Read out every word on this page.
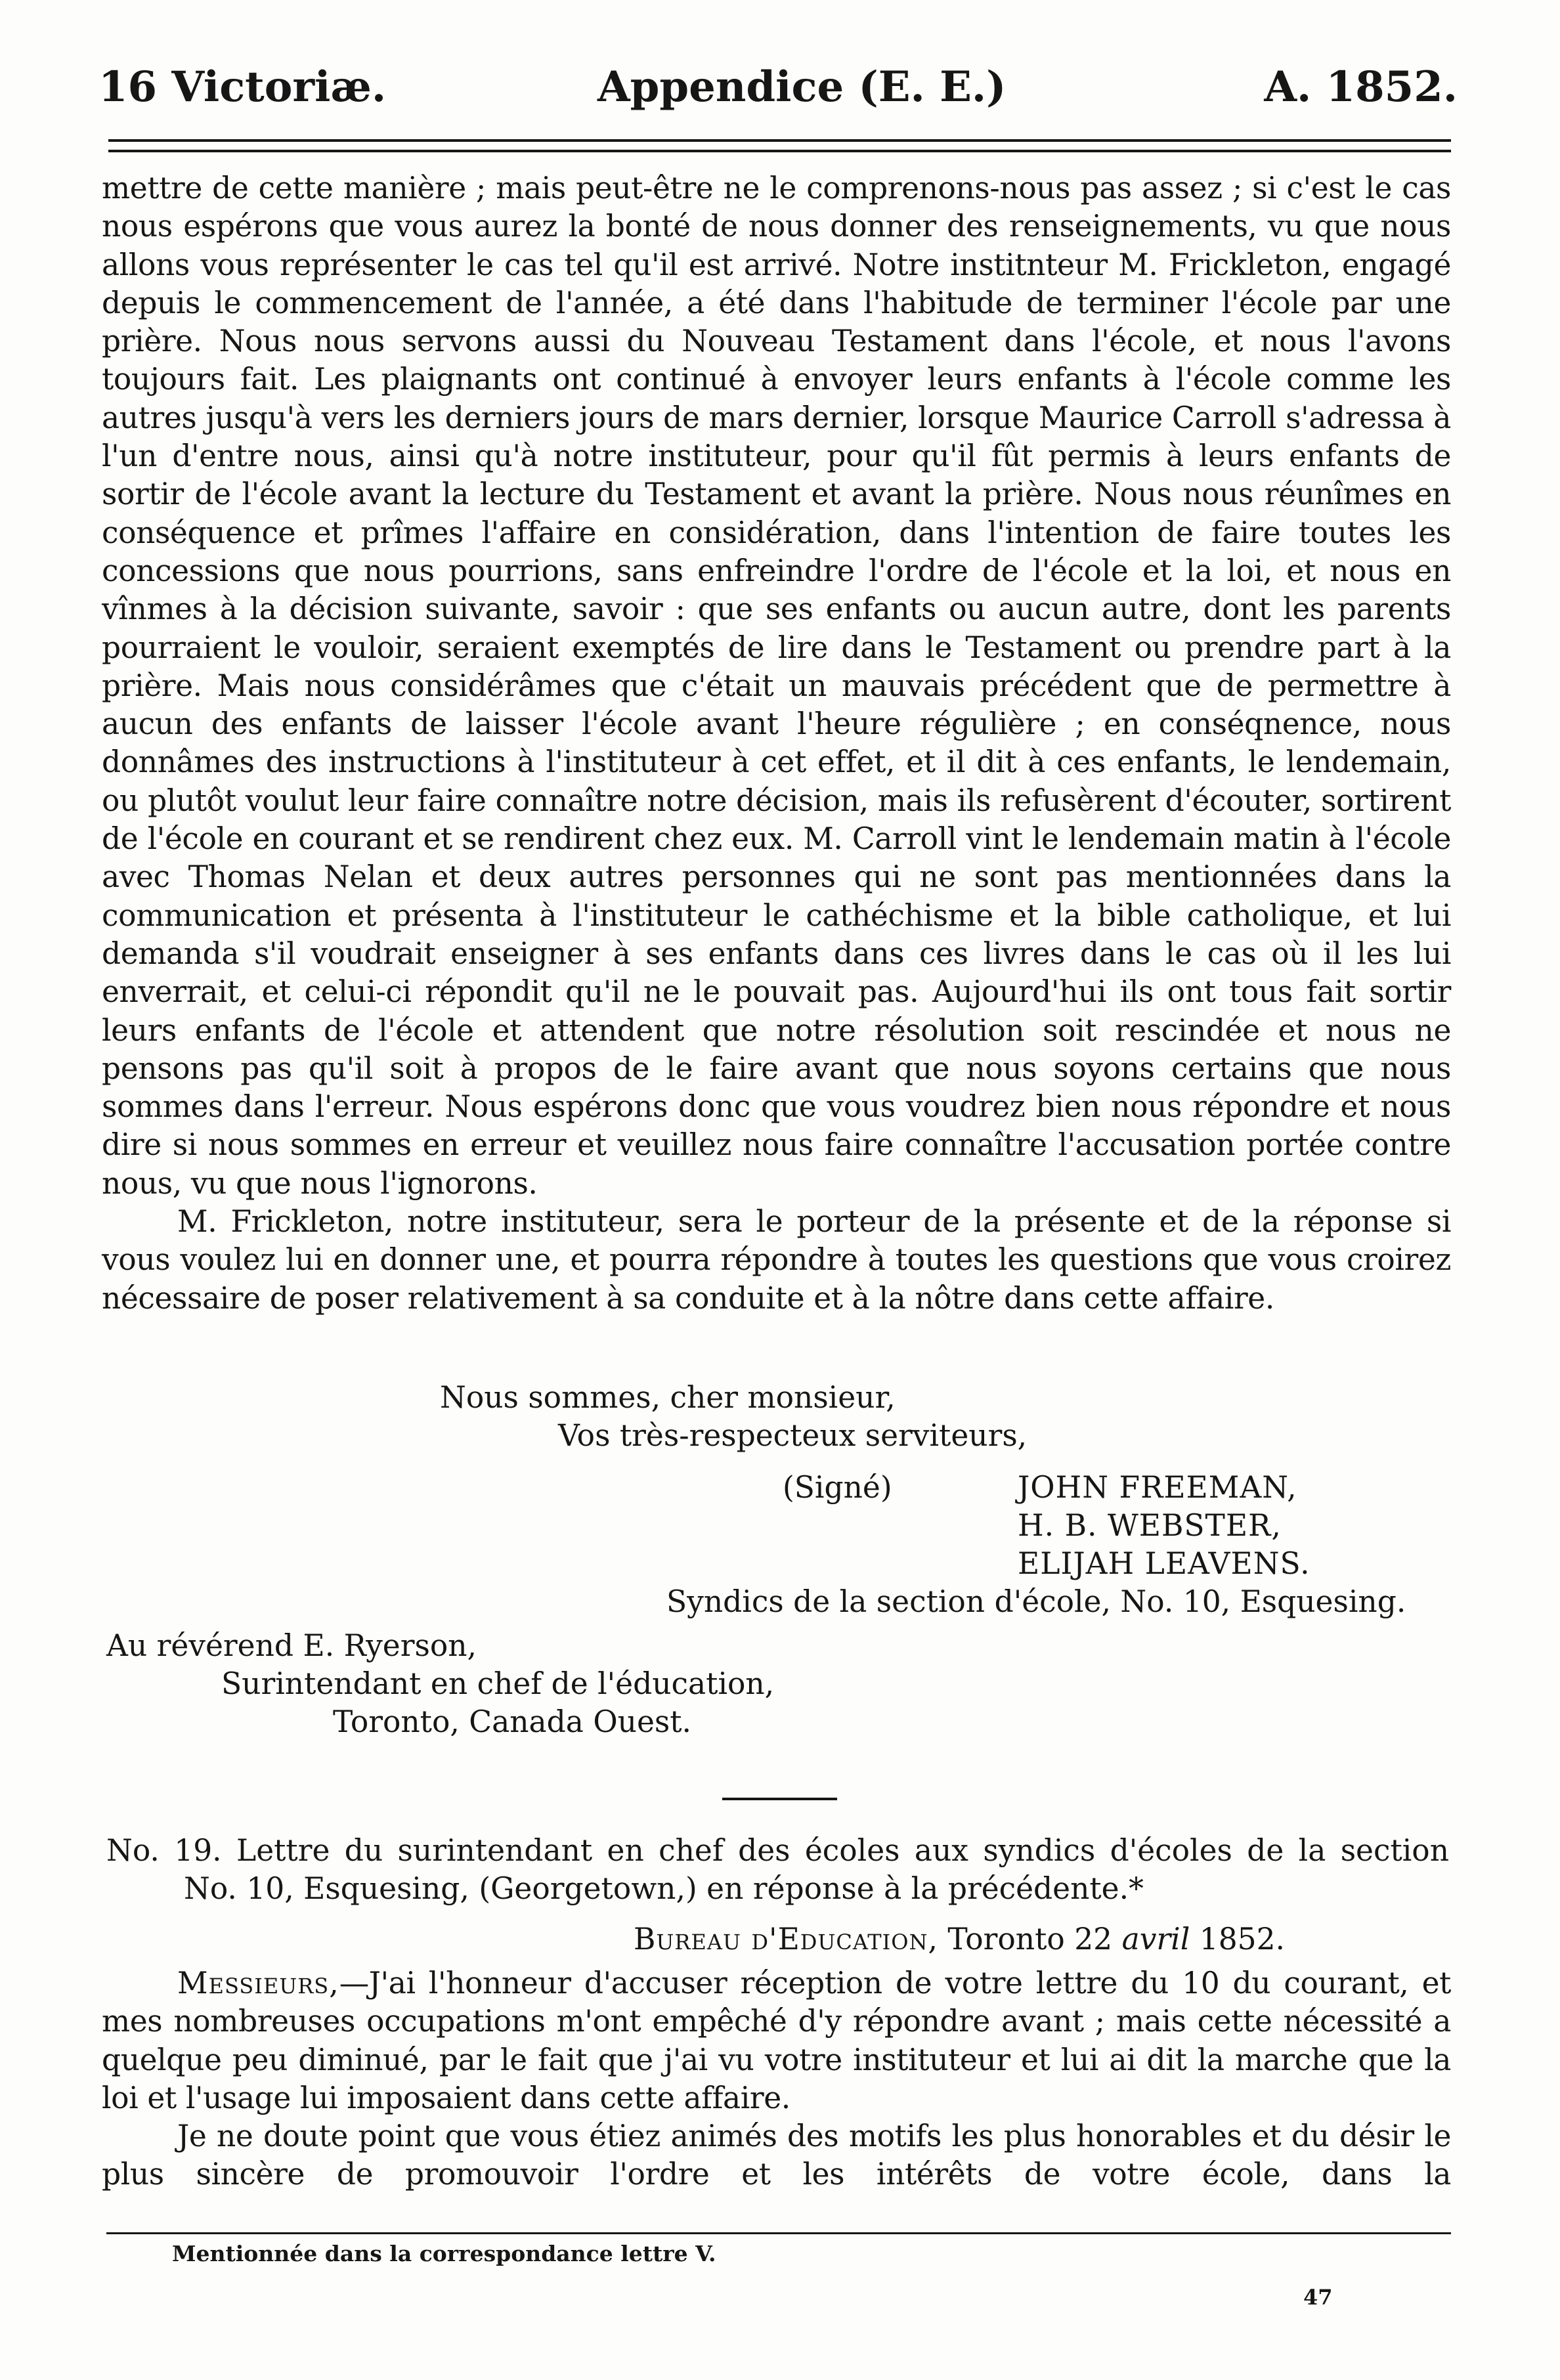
16 Victoriæ.	Appendice (E. E.)	A. 1852.

mettre de cette manière ; mais peut-être ne le comprenons-nous pas assez ; si c'est le cas nous espérons que vous aurez la bonté de nous donner des renseignements, vu que nous allons vous représenter le cas tel qu'il est arrivé. Notre institnteur M. Frickleton, engagé depuis le commencement de l'année, a été dans l'habitude de terminer l'école par une prière. Nous nous servons aussi du Nouveau Testament dans l'école, et nous l'avons toujours fait. Les plaignants ont continué à envoyer leurs enfants à l'école comme les autres jusqu'à vers les derniers jours de mars dernier, lorsque Maurice Carroll s'adressa à l'un d'entre nous, ainsi qu'à notre instituteur, pour qu'il fût permis à leurs enfants de sortir de l'école avant la lecture du Testament et avant la prière. Nous nous réunîmes en conséquence et prîmes l'affaire en considération, dans l'intention de faire toutes les concessions que nous pourrions, sans enfreindre l'ordre de l'école et la loi, et nous en vînmes à la décision suivante, savoir : que ses enfants ou aucun autre, dont les parents pourraient le vouloir, seraient exemptés de lire dans le Testament ou prendre part à la prière. Mais nous considérâmes que c'était un mauvais précédent que de permettre à aucun des enfants de laisser l'école avant l'heure régulière ; en conséqnence, nous donnâmes des instructions à l'instituteur à cet effet, et il dit à ces enfants, le lendemain, ou plutôt voulut leur faire connaître notre décision, mais ils refusèrent d'écouter, sortirent de l'école en courant et se rendirent chez eux. M. Carroll vint le lendemain matin à l'école avec Thomas Nelan et deux autres personnes qui ne sont pas mentionnées dans la communication et présenta à l'instituteur le cathéchisme et la bible catholique, et lui demanda s'il voudrait enseigner à ses enfants dans ces livres dans le cas où il les lui enverrait, et celui-ci répondit qu'il ne le pouvait pas. Aujourd'hui ils ont tous fait sortir leurs enfants de l'école et attendent que notre résolution soit rescindée et nous ne pensons pas qu'il soit à propos de le faire avant que nous soyons certains que nous sommes dans l'erreur. Nous espérons donc que vous voudrez bien nous répondre et nous dire si nous sommes en erreur et veuillez nous faire connaître l'accusation portée contre nous, vu que nous l'ignorons.

M. Frickleton, notre instituteur, sera le porteur de la présente et de la réponse si vous voulez lui en donner une, et pourra répondre à toutes les questions que vous croirez nécessaire de poser relativement à sa conduite et à la nôtre dans cette affaire.

Nous sommes, cher monsieur,
Vos très-respecteux serviteurs,
(Signé)	JOHN FREEMAN,
H. B. WEBSTER,
ELIJAH LEAVENS.
Syndics de la section d'école, No. 10, Esquesing.
Au révérend E. Ryerson,
Surintendant en chef de l'éducation,
Toronto, Canada Ouest.
No. 19. Lettre du surintendant en chef des écoles aux syndics d'écoles de la section
No. 10, Esquesing, (Georgetown,) en réponse à la précédente.*
Bureau d'Education, Toronto 22 avril 1852.

Messieurs,—J'ai l'honneur d'accuser réception de votre lettre du 10 du courant, et mes nombreuses occupations m'ont empêché d'y répondre avant ; mais cette nécessité a quelque peu diminué, par le fait que j'ai vu votre instituteur et lui ai dit la marche que la loi et l'usage lui imposaient dans cette affaire.

Je ne doute point que vous étiez animés des motifs les plus honorables et du désir le plus sincère de promouvoir l'ordre et les intérêts de votre école, dans la

Mentionnée dans la correspondance lettre V.
47
